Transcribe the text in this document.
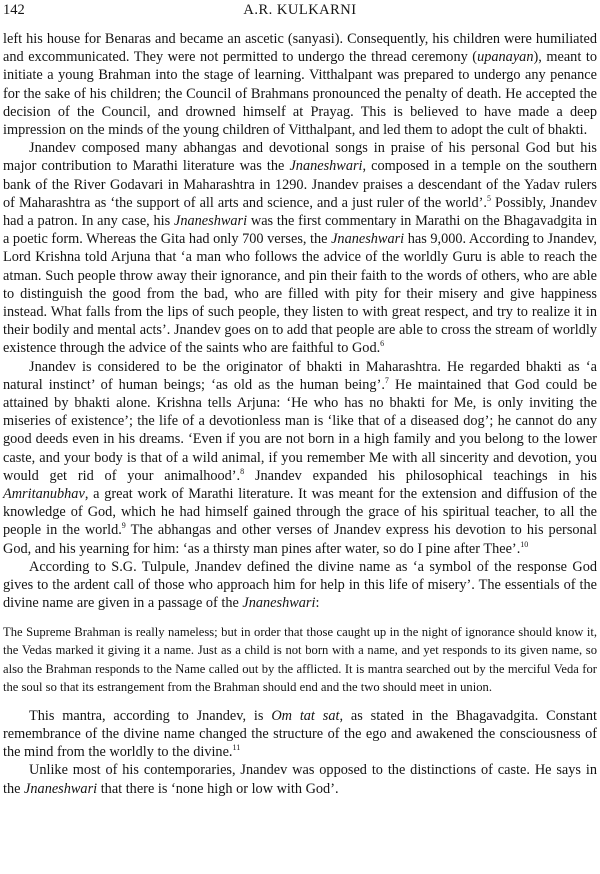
142	A.R. KULKARNI

left his house for Benaras and became an ascetic (sanyasi). Consequently, his children were humiliated and excommunicated. They were not permitted to undergo the thread ceremony (upanayan), meant to initiate a young Brahman into the stage of learning. Vitthalpant was prepared to undergo any penance for the sake of his children; the Council of Brahmans pronounced the penalty of death. He accepted the decision of the Council, and drowned himself at Prayag. This is believed to have made a deep impression on the minds of the young children of Vitthalpant, and led them to adopt the cult of bhakti.

Jnandev composed many abhangas and devotional songs in praise of his personal God but his major contribution to Marathi literature was the Jnaneshwari, composed in a temple on the southern bank of the River Godavari in Maharashtra in 1290. Jnandev praises a descendant of the Yadav rulers of Maharashtra as ‘the support of all arts and science, and a just ruler of the world’.$^5$ Possibly, Jnandev had a patron. In any case, his Jnaneshwari was the first commentary in Marathi on the Bhagavadgita in a poetic form. Whereas the Gita had only 700 verses, the Jnaneshwari has 9,000. According to Jnandev, Lord Krishna told Arjuna that ‘a man who follows the advice of the worldly Guru is able to reach the atman. Such people throw away their ignorance, and pin their faith to the words of others, who are able to distinguish the good from the bad, who are filled with pity for their misery and give happiness instead. What falls from the lips of such people, they listen to with great respect, and try to realize it in their bodily and mental acts’. Jnandev goes on to add that people are able to cross the stream of worldly existence through the advice of the saints who are faithful to God.$^6$

Jnandev is considered to be the originator of bhakti in Maharashtra. He regarded bhakti as ‘a natural instinct’ of human beings; ‘as old as the human being’.$^7$ He maintained that God could be attained by bhakti alone. Krishna tells Arjuna: ‘He who has no bhakti for Me, is only inviting the miseries of existence’; the life of a devotionless man is ‘like that of a diseased dog’; he cannot do any good deeds even in his dreams. ‘Even if you are not born in a high family and you belong to the lower caste, and your body is that of a wild animal, if you remember Me with all sincerity and devotion, you would get rid of your animalhood’.$^8$ Jnandev expanded his philosophical teachings in his Amritanubhav, a great work of Marathi literature. It was meant for the extension and diffusion of the knowledge of God, which he had himself gained through the grace of his spiritual teacher, to all the people in the world.$^9$ The abhangas and other verses of Jnandev express his devotion to his personal God, and his yearning for him: ‘as a thirsty man pines after water, so do I pine after Thee’.$^{10}$

According to S.G. Tulpule, Jnandev defined the divine name as ‘a symbol of the response God gives to the ardent call of those who approach him for help in this life of misery’. The essentials of the divine name are given in a passage of the Jnaneshwari:

The Supreme Brahman is really nameless; but in order that those caught up in the night of ignorance should know it, the Vedas marked it giving it a name. Just as a child is not born with a name, and yet responds to its given name, so also the Brahman responds to the Name called out by the afflicted. It is mantra searched out by the merciful Veda for the soul so that its estrangement from the Brahman should end and the two should meet in union.

This mantra, according to Jnandev, is Om tat sat, as stated in the Bhagavadgita. Constant remembrance of the divine name changed the structure of the ego and awakened the consciousness of the mind from the worldly to the divine.$^{11}$

Unlike most of his contemporaries, Jnandev was opposed to the distinctions of caste. He says in the Jnaneshwari that there is ‘none high or low with God’.
